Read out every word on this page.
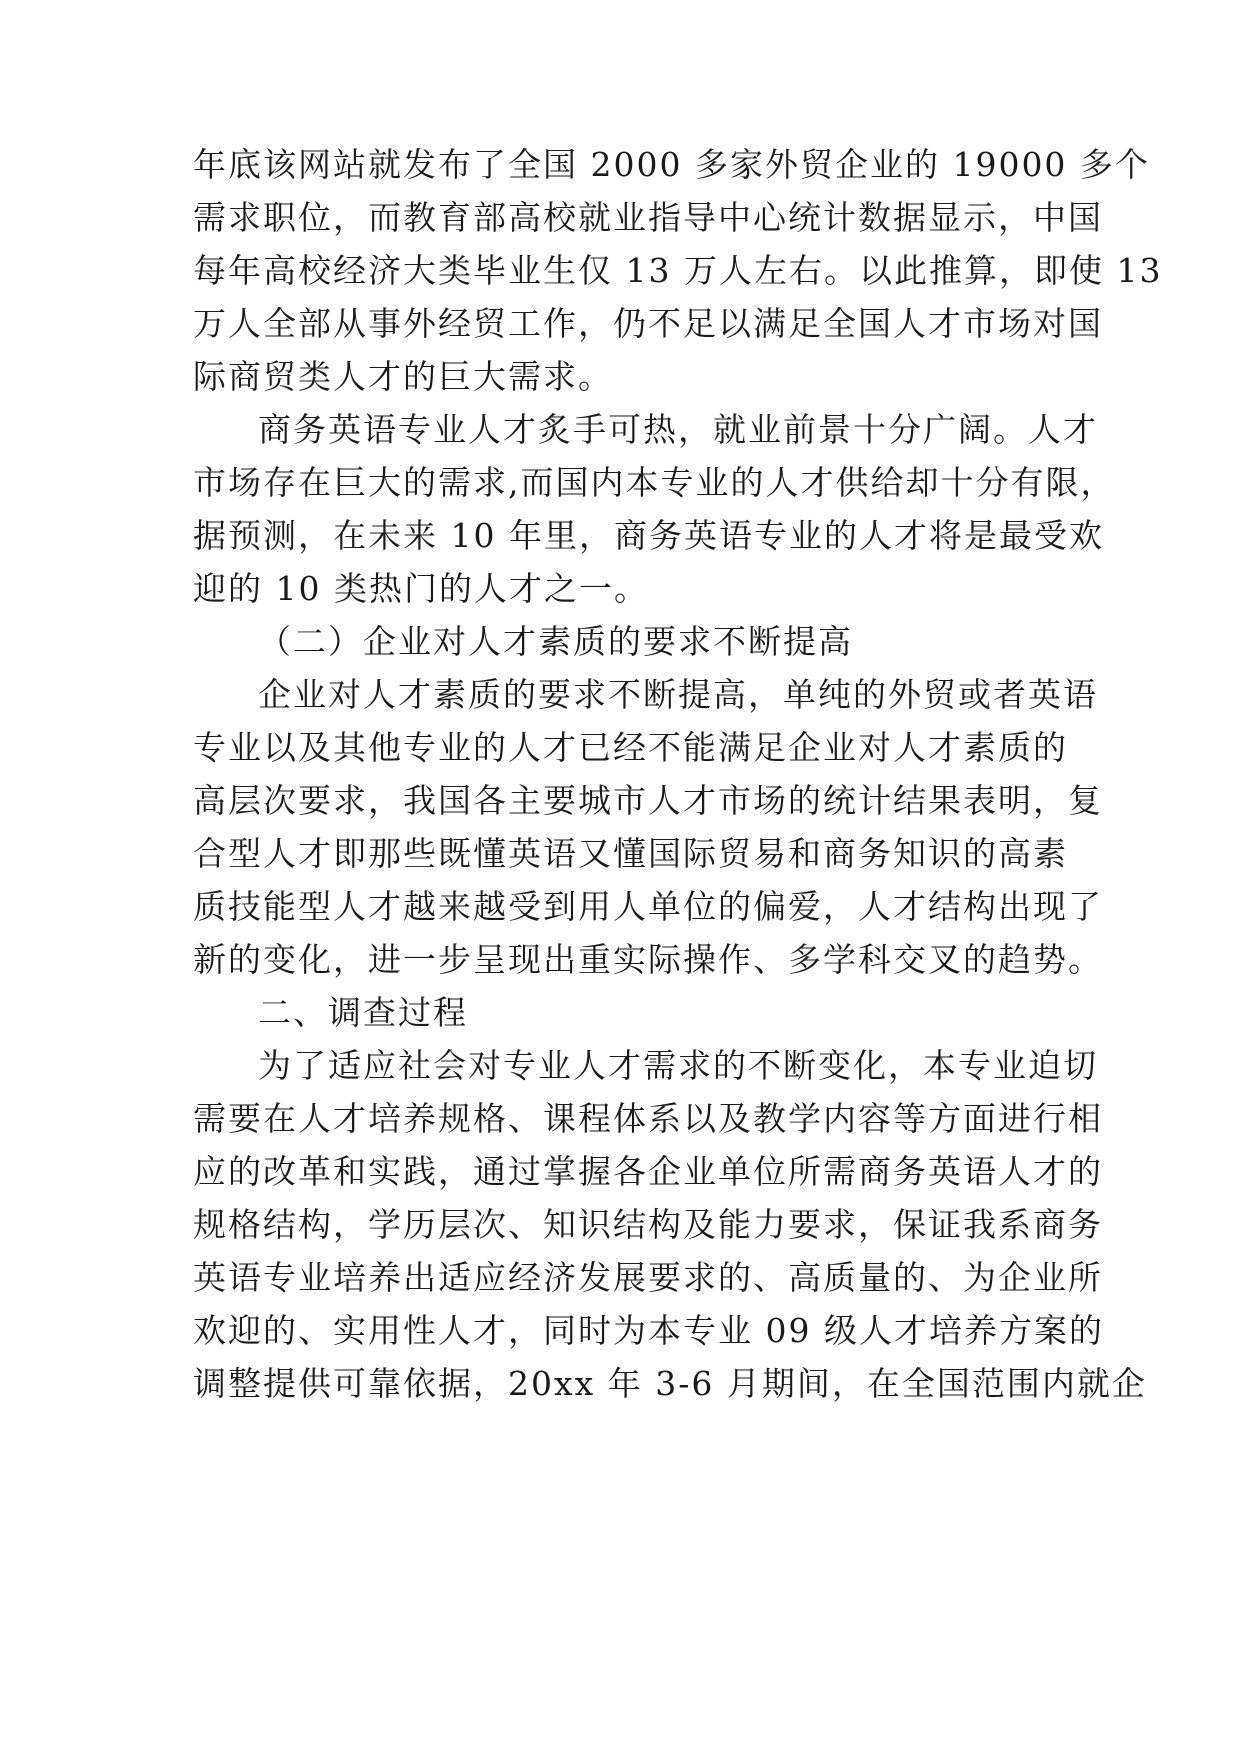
年底该网站就发布了全国 2000 多家外贸企业的 19000 多个
需求职位，而教育部高校就业指导中心统计数据显示，中国
每年高校经济大类毕业生仅 13 万人左右。以此推算，即使 13
万人全部从事外经贸工作，仍不足以满足全国人才市场对国
际商贸类人才的巨大需求。
商务英语专业人才炙手可热，就业前景十分广阔。人才
市场存在巨大的需求,而国内本专业的人才供给却十分有限，
据预测，在未来 10 年里，商务英语专业的人才将是最受欢
迎的 10 类热门的人才之一。
（二）企业对人才素质的要求不断提高
企业对人才素质的要求不断提高，单纯的外贸或者英语
专业以及其他专业的人才已经不能满足企业对人才素质的
高层次要求，我国各主要城市人才市场的统计结果表明，复
合型人才即那些既懂英语又懂国际贸易和商务知识的高素
质技能型人才越来越受到用人单位的偏爱，人才结构出现了
新的变化，进一步呈现出重实际操作、多学科交叉的趋势。
二、调查过程
为了适应社会对专业人才需求的不断变化，本专业迫切
需要在人才培养规格、课程体系以及教学内容等方面进行相
应的改革和实践，通过掌握各企业单位所需商务英语人才的
规格结构，学历层次、知识结构及能力要求，保证我系商务
英语专业培养出适应经济发展要求的、高质量的、为企业所
欢迎的、实用性人才，同时为本专业 09 级人才培养方案的
调整提供可靠依据，20xx 年 3-6 月期间，在全国范围内就企
